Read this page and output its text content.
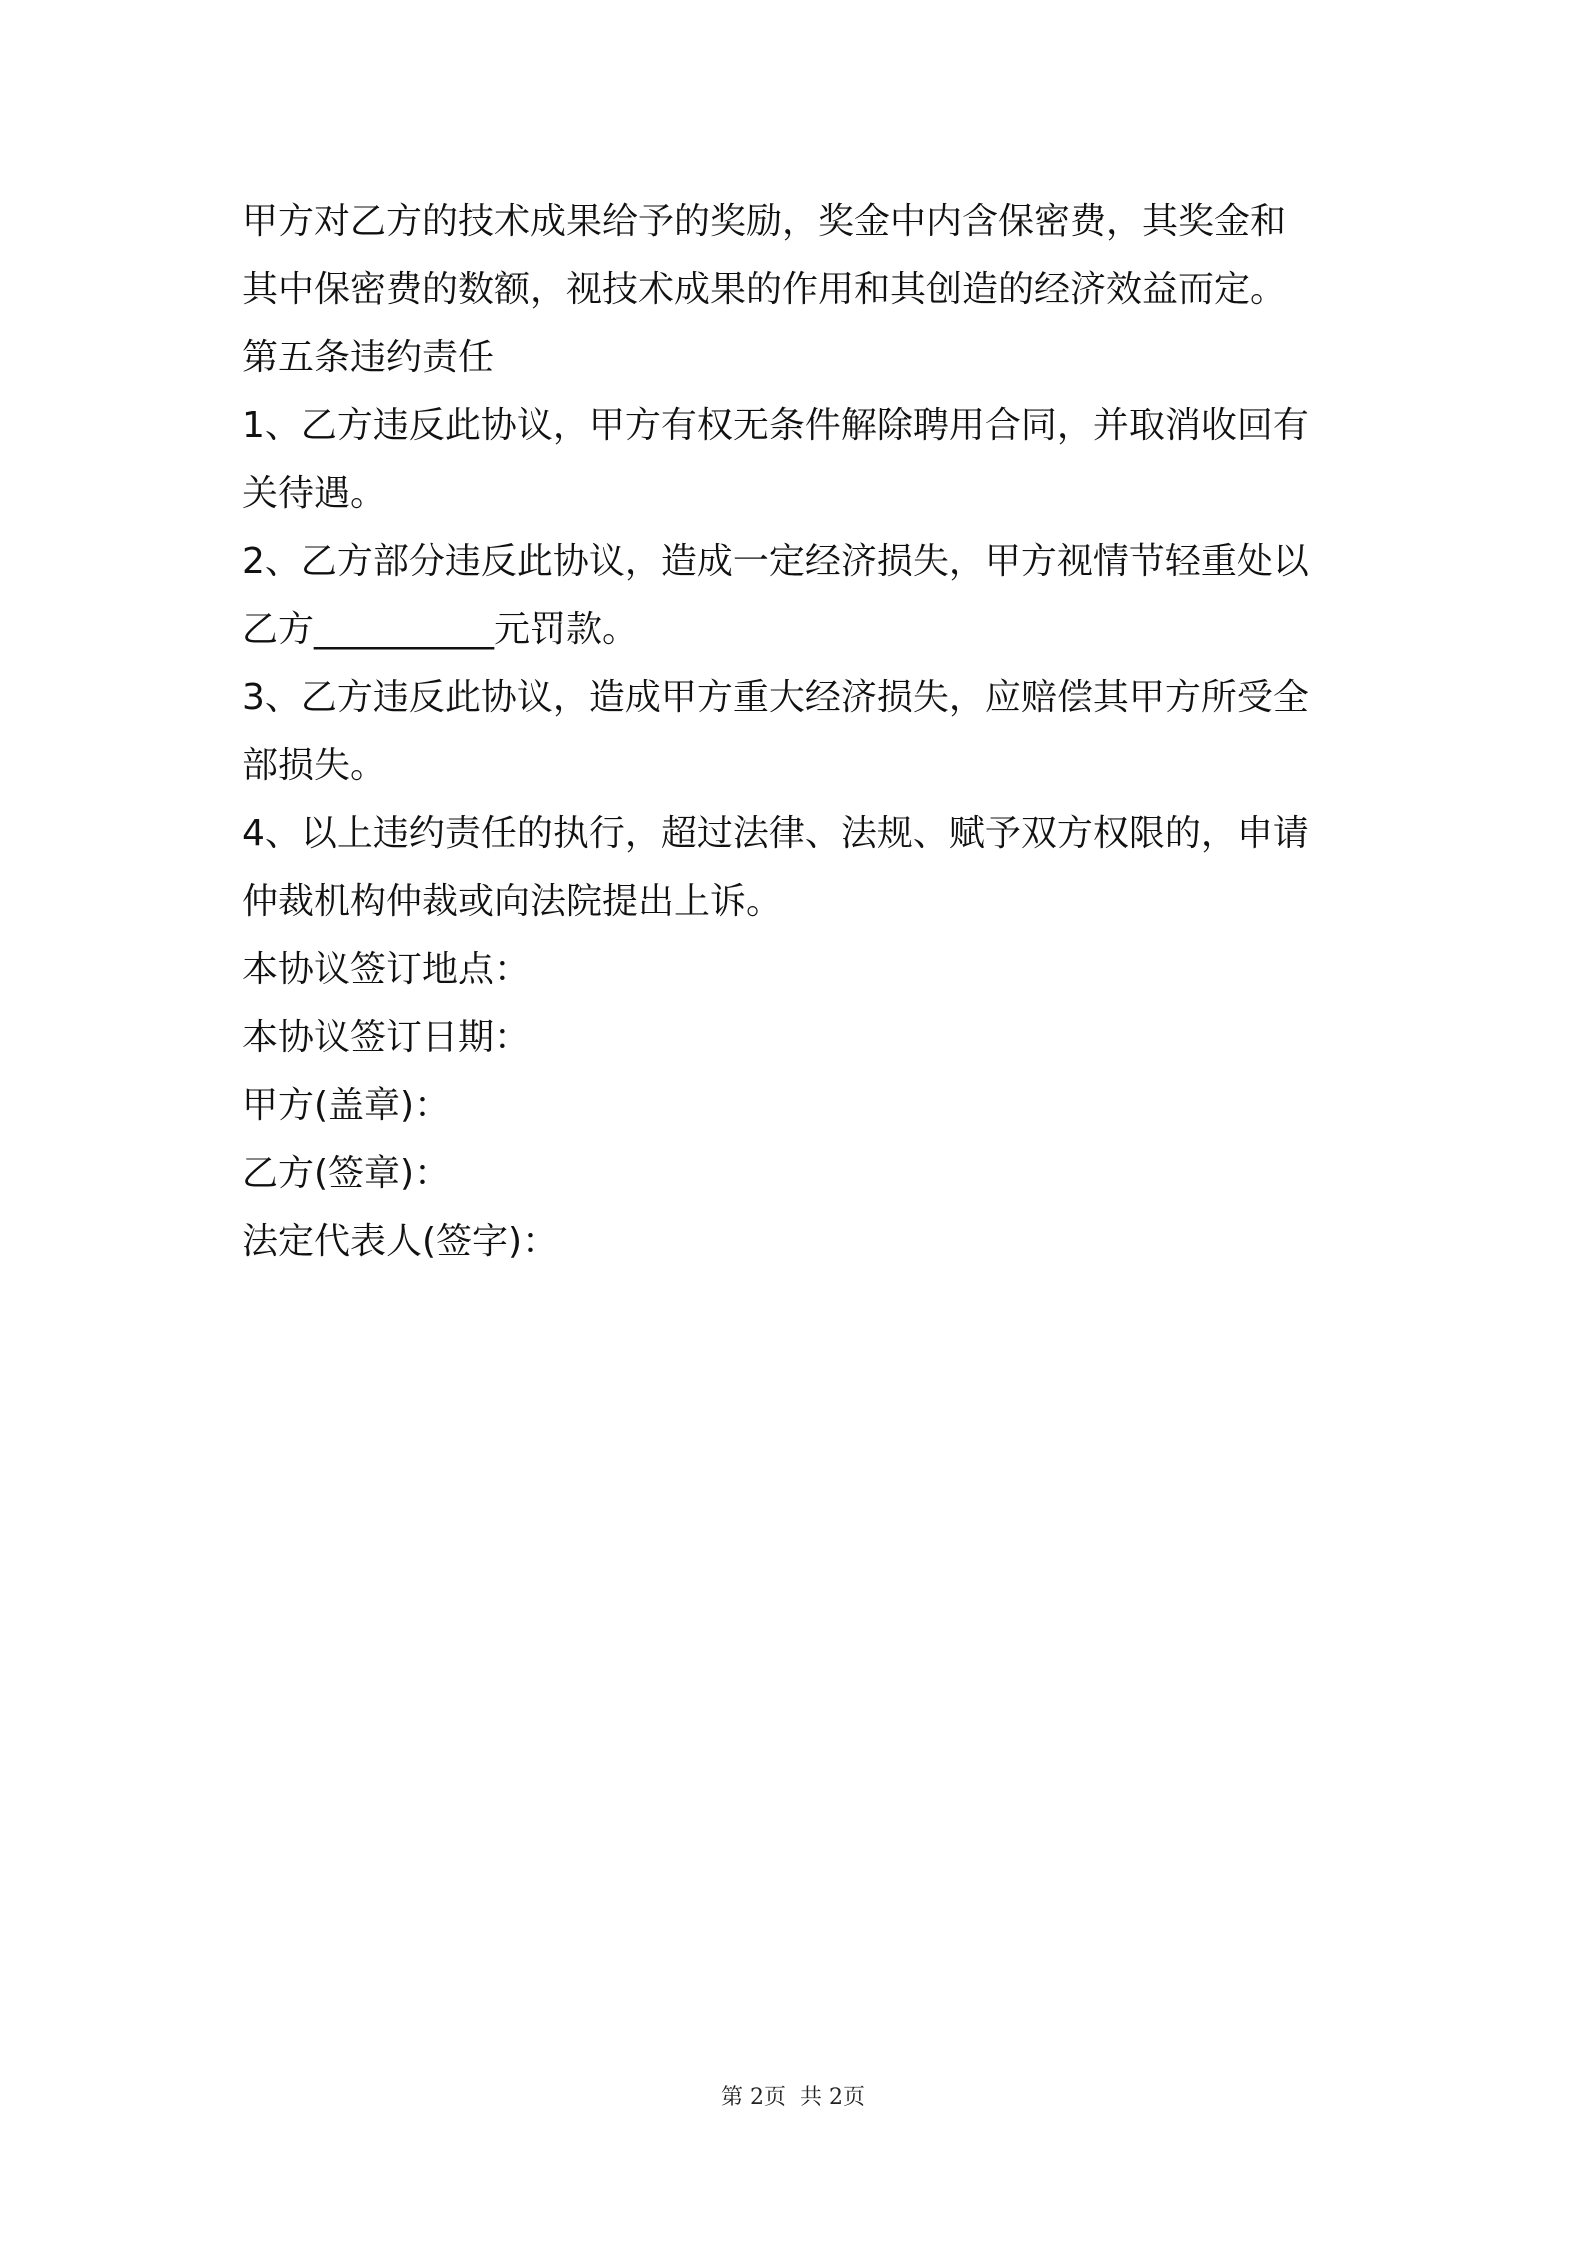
甲方对乙方的技术成果给予的奖励，奖金中内含保密费，其奖金和
其中保密费的数额，视技术成果的作用和其创造的经济效益而定。
第五条违约责任
1、乙方违反此协议，甲方有权无条件解除聘用合同，并取消收回有
关待遇。
2、乙方部分违反此协议，造成一定经济损失，甲方视情节轻重处以
乙方__________元罚款。
3、乙方违反此协议，造成甲方重大经济损失，应赔偿其甲方所受全
部损失。
4、以上违约责任的执行，超过法律、法规、赋予双方权限的，申请
仲裁机构仲裁或向法院提出上诉。
本协议签订地点：
本协议签订日期：
甲方(盖章)：
乙方(签章)：
法定代表人(签字)：
第 2页  共 2页
